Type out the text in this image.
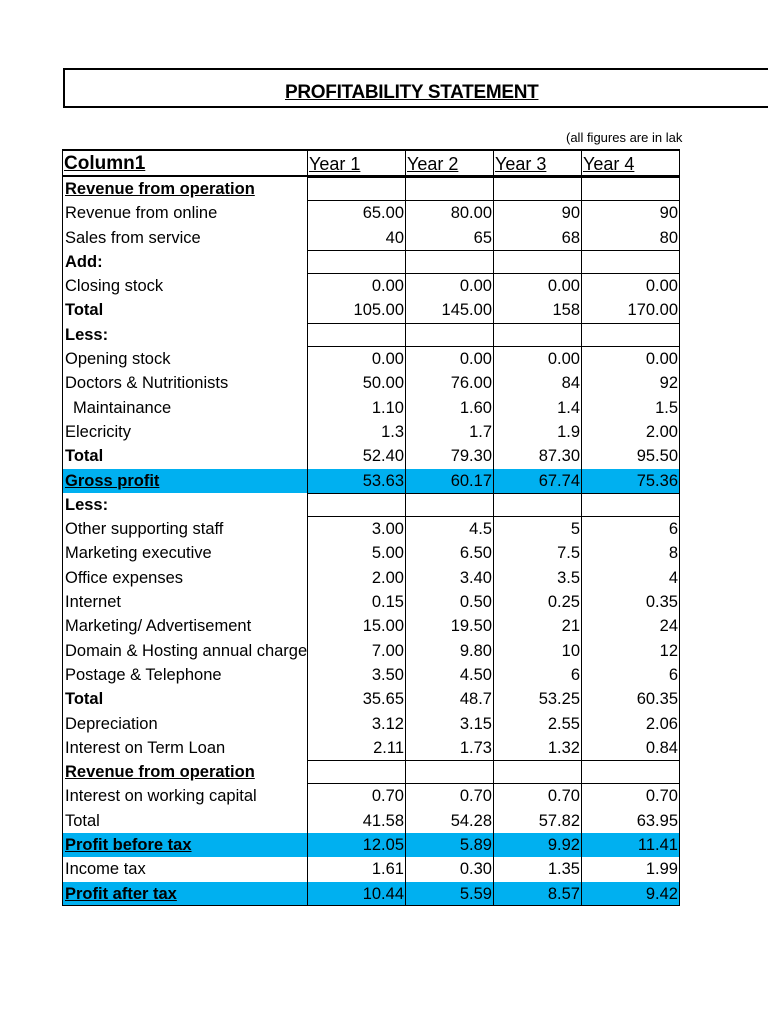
PROFITABILITY STATEMENT
(all figures are in lak
Column1	Year 1	Year 2	Year 3	Year 4
Revenue from operation
Revenue from online	65.00	80.00	90	90
Sales from service	40	65	68	80
Add:
Closing stock	0.00	0.00	0.00	0.00
Total	105.00	145.00	158	170.00
Less:
Opening stock	0.00	0.00	0.00	0.00
Doctors & Nutritionists	50.00	76.00	84	92
Maintainance	1.10	1.60	1.4	1.5
Elecricity	1.3	1.7	1.9	2.00
Total	52.40	79.30	87.30	95.50
Gross profit	53.63	60.17	67.74	75.36
Less:
Other supporting staff	3.00	4.5	5	6
Marketing executive	5.00	6.50	7.5	8
Office expenses	2.00	3.40	3.5	4
Internet	0.15	0.50	0.25	0.35
Marketing/ Advertisement	15.00	19.50	21	24
Domain & Hosting annual charge	7.00	9.80	10	12
Postage & Telephone	3.50	4.50	6	6
Total	35.65	48.7	53.25	60.35
Depreciation	3.12	3.15	2.55	2.06
Interest on Term Loan	2.11	1.73	1.32	0.84
Revenue from operation
Interest on working capital	0.70	0.70	0.70	0.70
Total	41.58	54.28	57.82	63.95
Profit before tax	12.05	5.89	9.92	11.41
Income tax	1.61	0.30	1.35	1.99
Profit after tax	10.44	5.59	8.57	9.42
